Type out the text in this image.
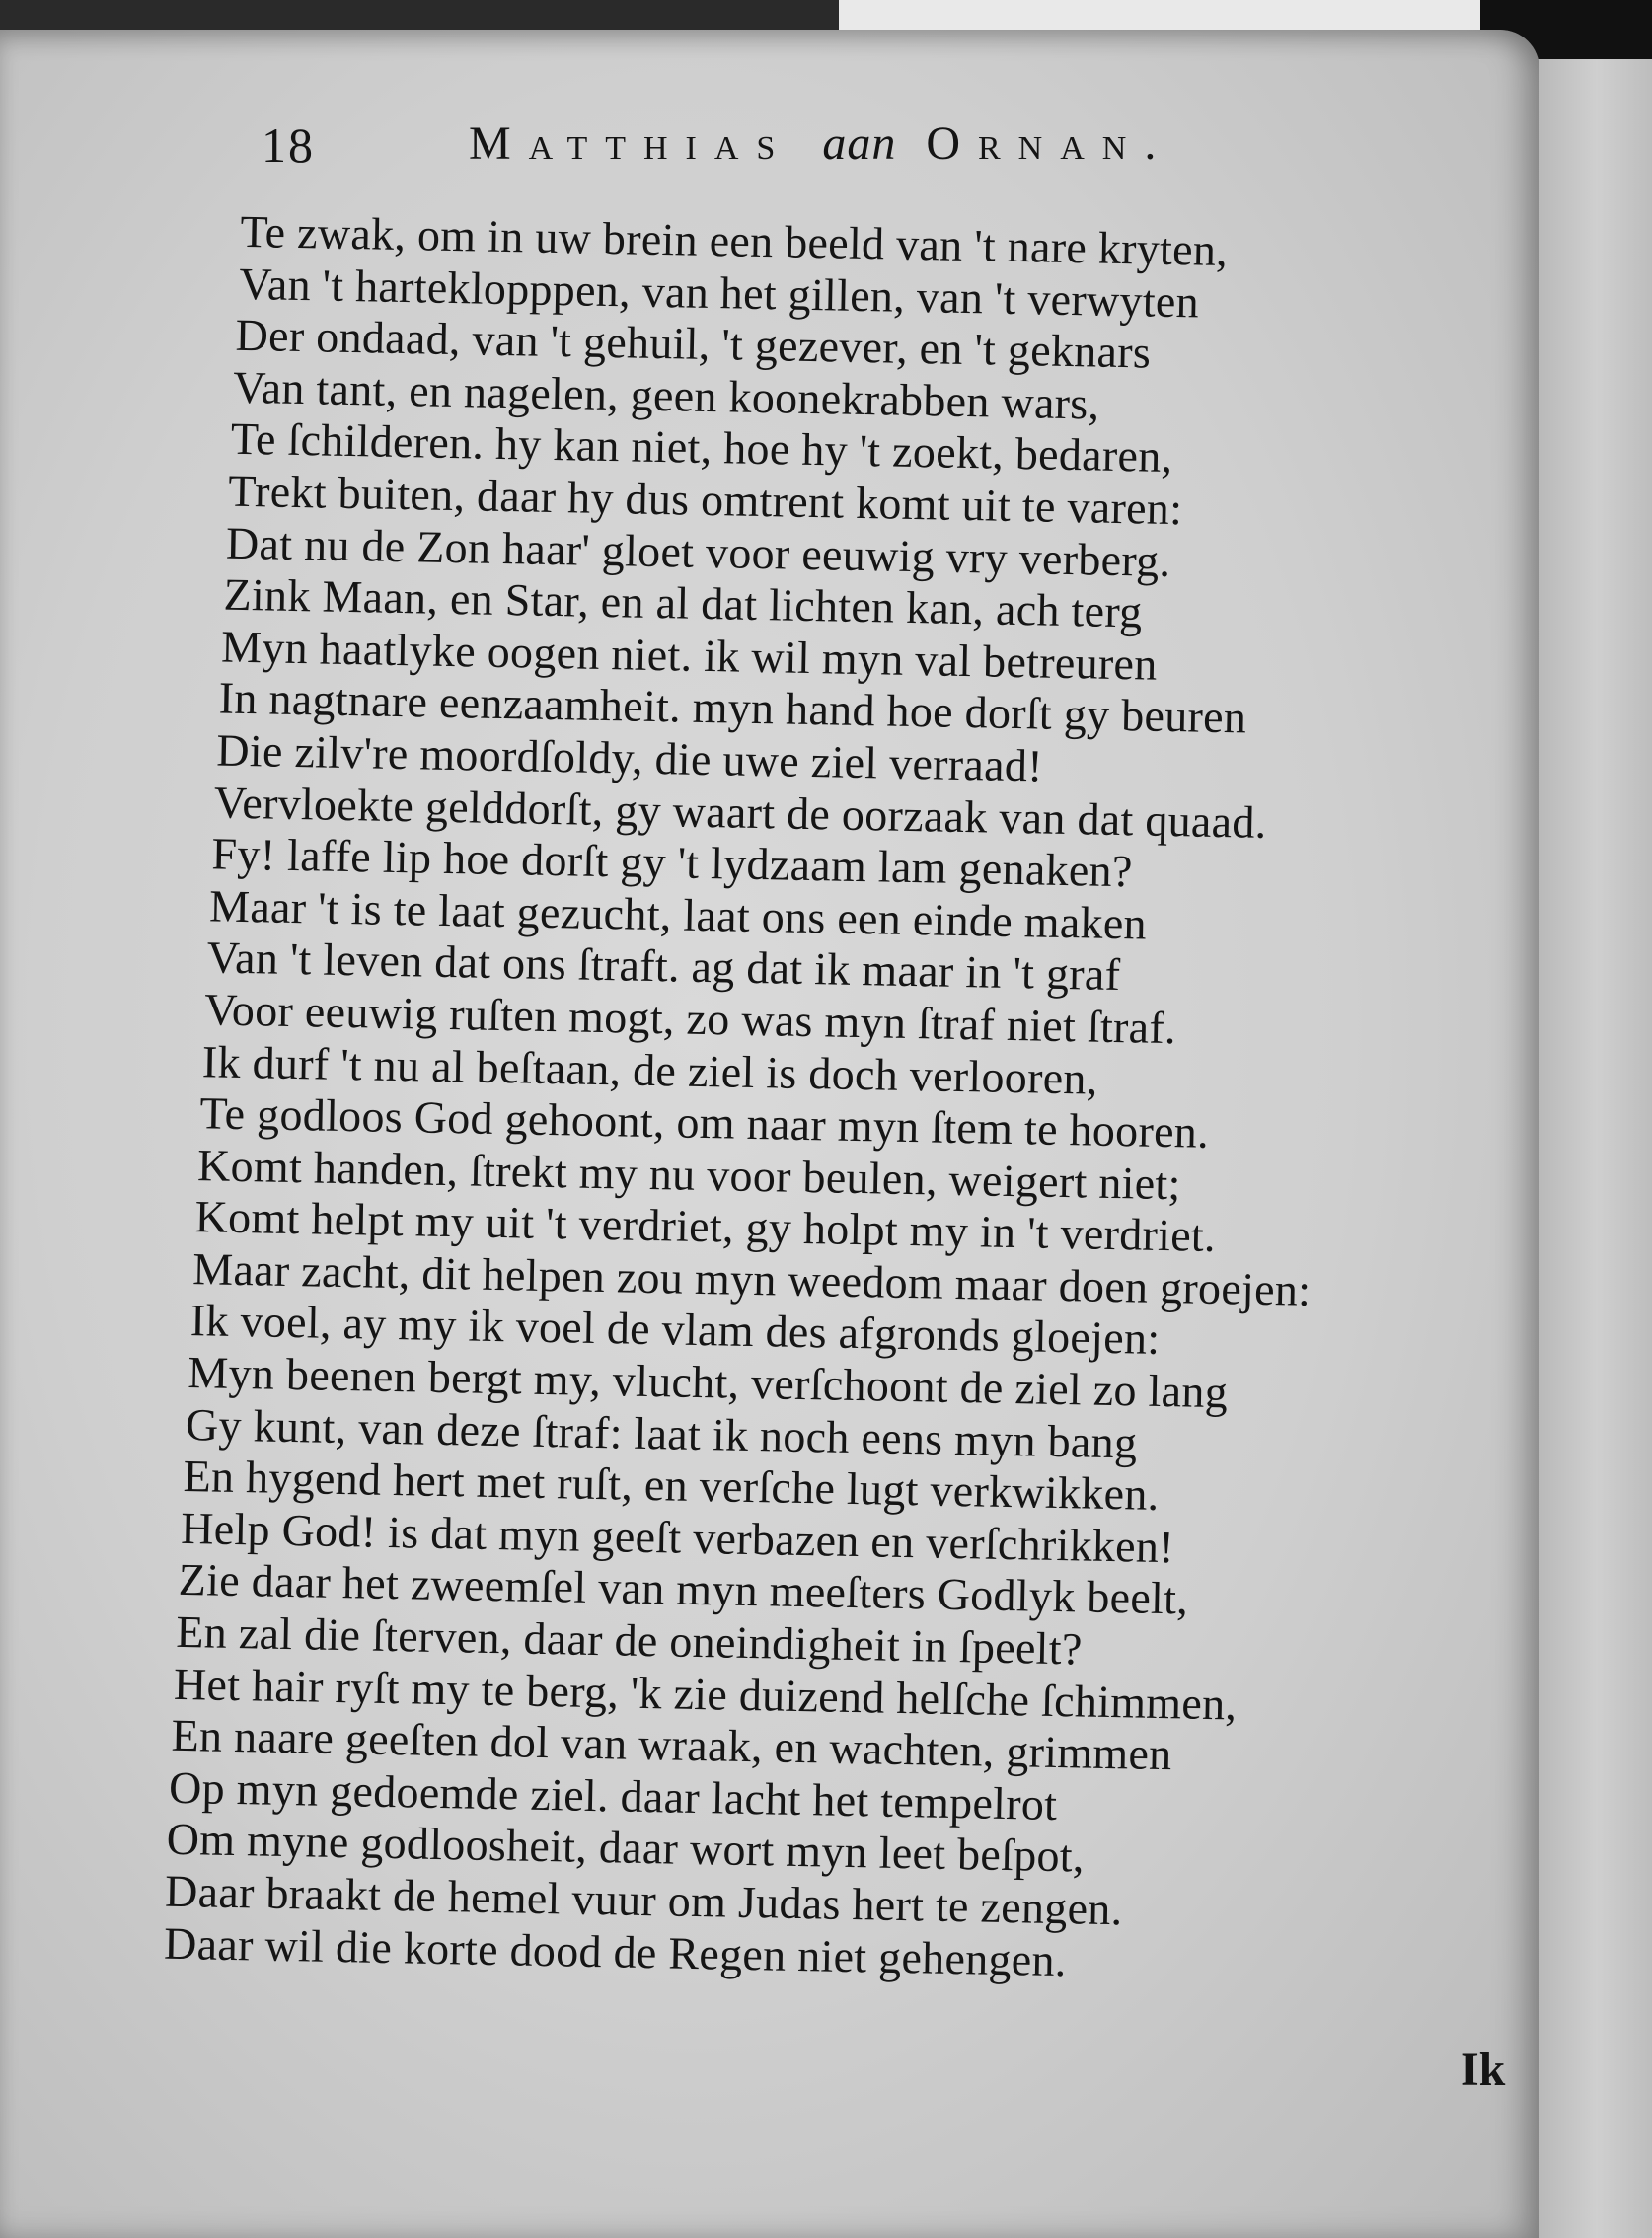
18	Matthias aan Ornan.
Te zwak, om in uw brein een beeld van 't nare kryten,
Van 't harteklopppen, van het gillen, van 't verwyten
Der ondaad, van 't gehuil, 't gezever, en 't geknars
Van tant, en nagelen, geen koonekrabben wars,
Te ſchilderen. hy kan niet, hoe hy 't zoekt, bedaren,
Trekt buiten, daar hy dus omtrent komt uit te varen:
Dat nu de Zon haar' gloet voor eeuwig vry verberg.
Zink Maan, en Star, en al dat lichten kan, ach terg
Myn haatlyke oogen niet. ik wil myn val betreuren
In nagtnare eenzaamheit. myn hand hoe dorſt gy beuren
Die zilv're moordſoldy, die uwe ziel verraad!
Vervloekte gelddorſt, gy waart de oorzaak van dat quaad.
Fy! laffe lip hoe dorſt gy 't lydzaam lam genaken?
Maar 't is te laat gezucht, laat ons een einde maken
Van 't leven dat ons ſtraft. ag dat ik maar in 't graf
Voor eeuwig ruſten mogt, zo was myn ſtraf niet ſtraf.
Ik durf 't nu al beſtaan, de ziel is doch verlooren,
Te godloos God gehoont, om naar myn ſtem te hooren.
Komt handen, ſtrekt my nu voor beulen, weigert niet;
Komt helpt my uit 't verdriet, gy holpt my in 't verdriet.
Maar zacht, dit helpen zou myn weedom maar doen groejen:
Ik voel, ay my ik voel de vlam des afgronds gloejen:
Myn beenen bergt my, vlucht, verſchoont de ziel zo lang
Gy kunt, van deze ſtraf: laat ik noch eens myn bang
En hygend hert met ruſt, en verſche lugt verkwikken.
Help God! is dat myn geeſt verbazen en verſchrikken!
Zie daar het zweemſel van myn meeſters Godlyk beelt,
En zal die ſterven, daar de oneindigheit in ſpeelt?
Het hair ryſt my te berg, 'k zie duizend helſche ſchimmen,
En naare geeſten dol van wraak, en wachten, grimmen
Op myn gedoemde ziel. daar lacht het tempelrot
Om myne godloosheit, daar wort myn leet beſpot,
Daar braakt de hemel vuur om Judas hert te zengen.
Daar wil die korte dood de Regen niet gehengen.
Ik
